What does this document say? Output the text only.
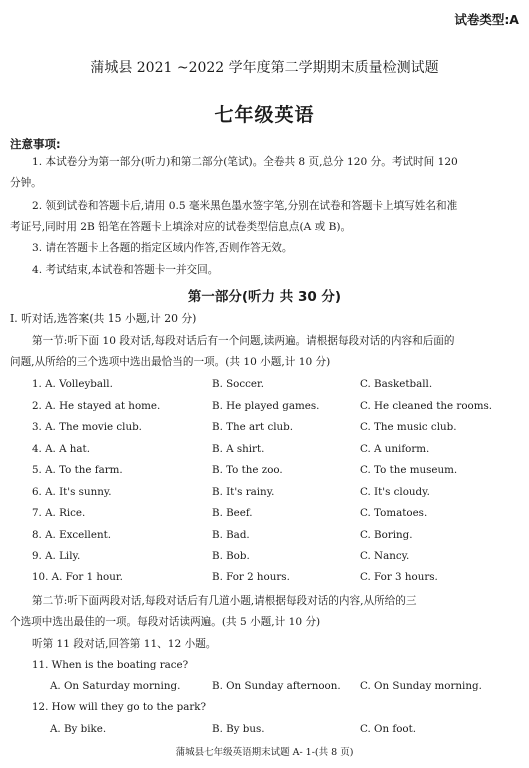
试卷类型:A
蒲城县 2021 ~2022 学年度第二学期期末质量检测试题
七年级英语
注意事项:
1. 本试卷分为第一部分(听力)和第二部分(笔试)。全卷共 8 页,总分 120 分。考试时间 120
分钟。
2. 领到试卷和答题卡后,请用 0.5 毫米黑色墨水签字笔,分别在试卷和答题卡上填写姓名和准
考证号,同时用 2B 铅笔在答题卡上填涂对应的试卷类型信息点(A 或 B)。
3. 请在答题卡上各题的指定区域内作答,否则作答无效。
4. 考试结束,本试卷和答题卡一并交回。
第一部分(听力 共 30 分)
Ⅰ. 听对话,选答案(共 15 小题,计 20 分)
第一节:听下面 10 段对话,每段对话后有一个问题,读两遍。请根据每段对话的内容和后面的
问题,从所给的三个选项中选出最恰当的一项。(共 10 小题,计 10 分)
1. A. Volleyball.	B. Soccer.	C. Basketball.
2. A. He stayed at home.	B. He played games.	C. He cleaned the rooms.
3. A. The movie club.	B. The art club.	C. The music club.
4. A. A hat.	B. A shirt.	C. A uniform.
5. A. To the farm.	B. To the zoo.	C. To the museum.
6. A. It's sunny.	B. It's rainy.	C. It's cloudy.
7. A. Rice.	B. Beef.	C. Tomatoes.
8. A. Excellent.	B. Bad.	C. Boring.
9. A. Lily.	B. Bob.	C. Nancy.
10. A. For 1 hour.	B. For 2 hours.	C. For 3 hours.
第二节:听下面两段对话,每段对话后有几道小题,请根据每段对话的内容,从所给的三
个选项中选出最佳的一项。每段对话读两遍。(共 5 小题,计 10 分)
听第 11 段对话,回答第 11、12 小题。
11. When is the boating race?
A. On Saturday morning.	B. On Sunday afternoon. C. On Sunday morning.
12. How will they go to the park?
A. By bike.	B. By bus.	C. On foot.
蒲城县七年级英语期末试题 A- 1-(共 8 页)
